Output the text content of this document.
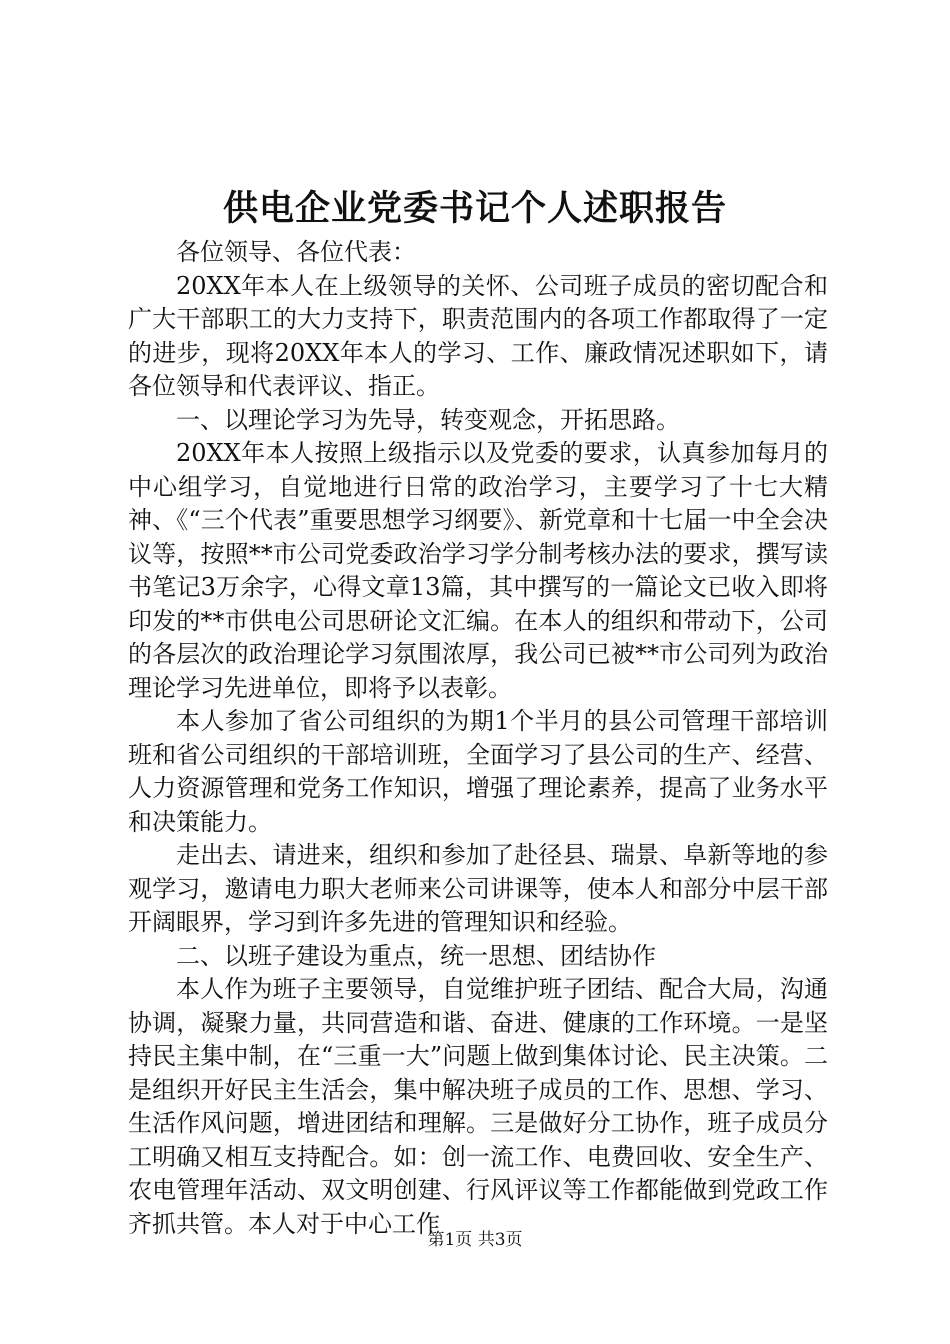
供电企业党委书记个人述职报告

各位领导、各位代表：

20XX年本人在上级领导的关怀、公司班子成员的密切配合和广大干部职工的大力支持下，职责范围内的各项工作都取得了一定的进步，现将20XX年本人的学习、工作、廉政情况述职如下，请各位领导和代表评议、指正。

一、以理论学习为先导，转变观念，开拓思路。

20XX年本人按照上级指示以及党委的要求，认真参加每月的中心组学习，自觉地进行日常的政治学习，主要学习了十七大精神、《“三个代表”重要思想学习纲要》、新党章和十七届一中全会决议等，按照**市公司党委政治学习学分制考核办法的要求，撰写读书笔记3万余字，心得文章13篇，其中撰写的一篇论文已收入即将印发的**市供电公司思研论文汇编。在本人的组织和带动下，公司的各层次的政治理论学习氛围浓厚，我公司已被**市公司列为政治理论学习先进单位，即将予以表彰。

本人参加了省公司组织的为期1个半月的县公司管理干部培训班和省公司组织的干部培训班，全面学习了县公司的生产、经营、人力资源管理和党务工作知识，增强了理论素养，提高了业务水平和决策能力。

走出去、请进来，组织和参加了赴径县、瑞景、阜新等地的参观学习，邀请电力职大老师来公司讲课等，使本人和部分中层干部开阔眼界，学习到许多先进的管理知识和经验。

二、以班子建设为重点，统一思想、团结协作

本人作为班子主要领导，自觉维护班子团结、配合大局，沟通协调，凝聚力量，共同营造和谐、奋进、健康的工作环境。一是坚持民主集中制，在“三重一大”问题上做到集体讨论、民主决策。二是组织开好民主生活会，集中解决班子成员的工作、思想、学习、生活作风问题，增进团结和理解。三是做好分工协作，班子成员分工明确又相互支持配合。如：创一流工作、电费回收、安全生产、农电管理年活动、双文明创建、行风评议等工作都能做到党政工作齐抓共管。本人对于中心工作

第1页 共3页
